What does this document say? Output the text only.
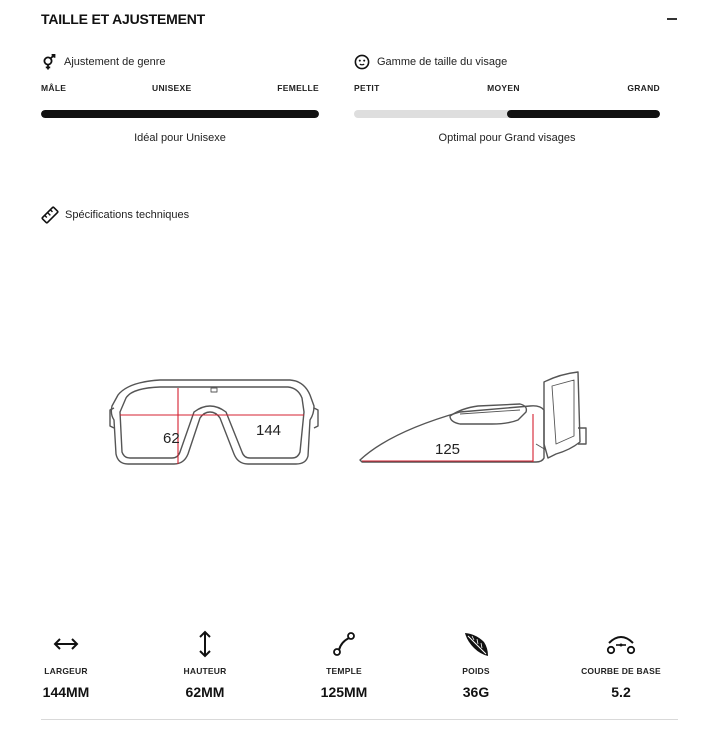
TAILLE ET AJUSTEMENT
Ajustement de genre
MÂLE	UNISEXE	FEMELLE
Idéal pour Unisexe
Gamme de taille du visage
PETIT	MOYEN	GRAND
Optimal pour Grand visages
Spécifications techniques
62	144
125
LARGEUR
144MM
HAUTEUR
62MM
TEMPLE
125MM
POIDS
36G
COURBE DE BASE
5.2
